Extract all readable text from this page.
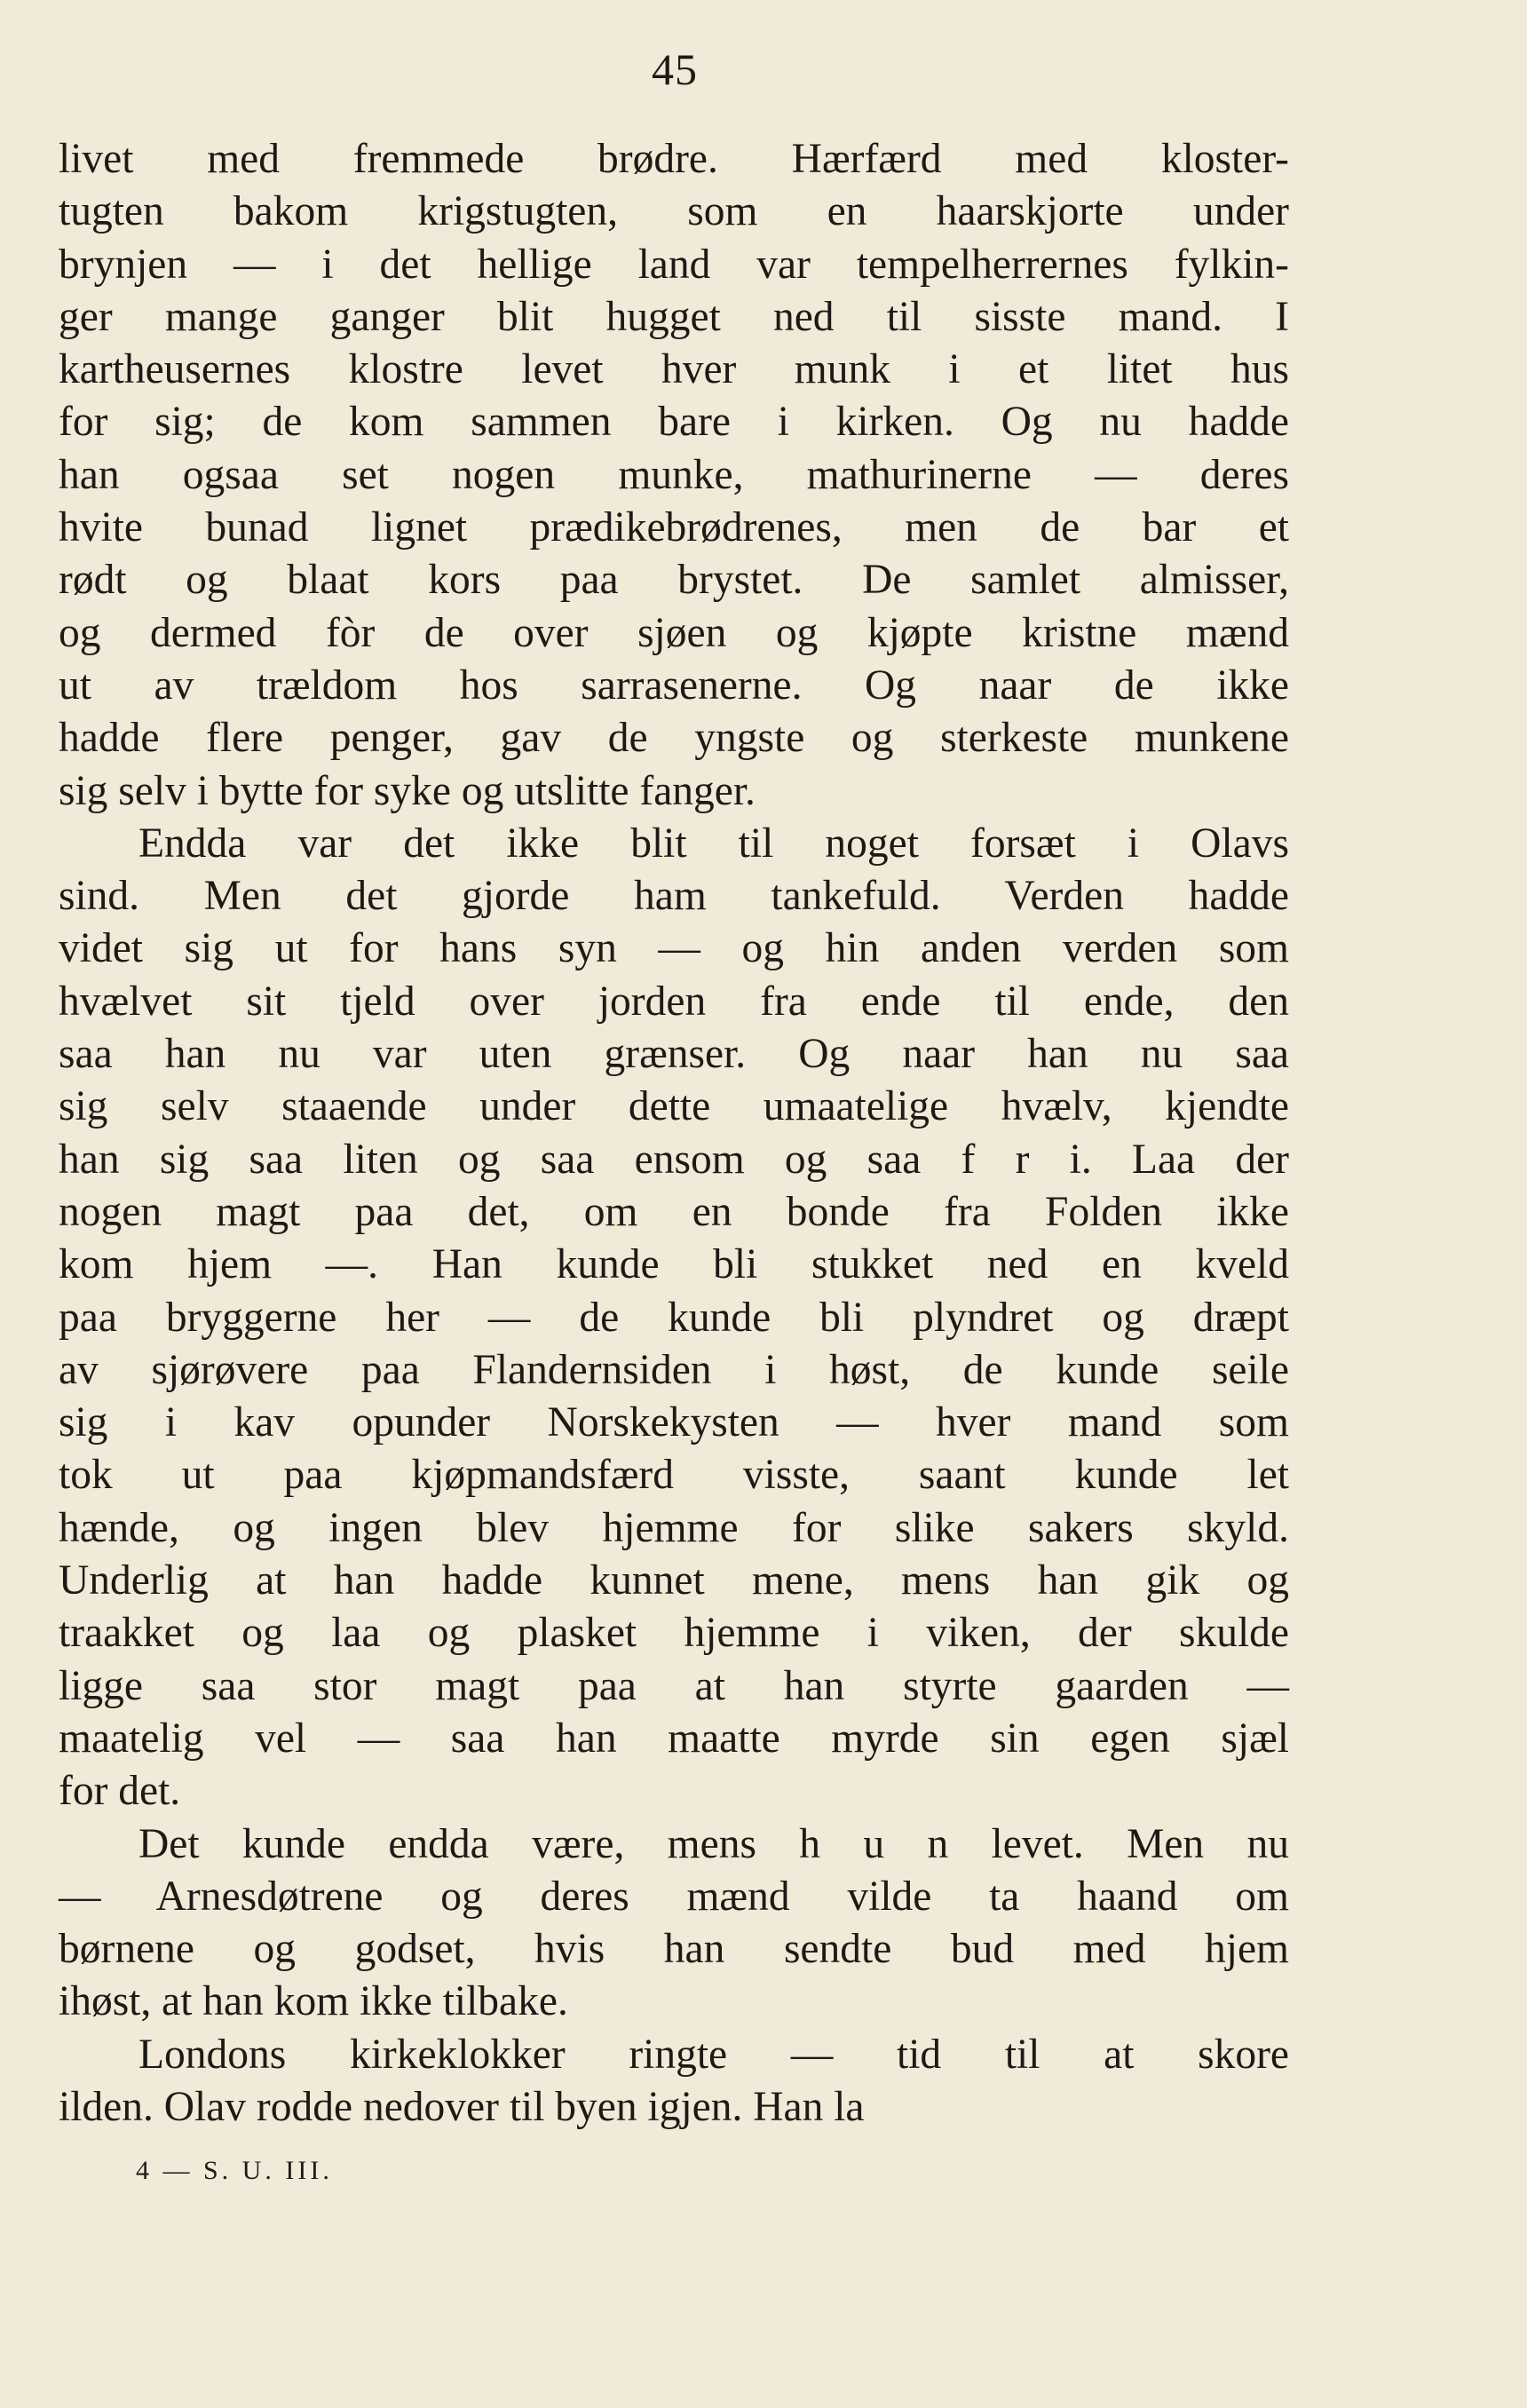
45
livet med fremmede brødre. Hærfærd med kloster-
tugten bakom krigstugten, som en haarskjorte under
brynjen — i det hellige land var tempelherrernes fylkin-
ger mange ganger blit hugget ned til sisste mand. I
kartheusernes klostre levet hver munk i et litet hus
for sig; de kom sammen bare i kirken. Og nu hadde
han ogsaa set nogen munke, mathurinerne — deres
hvite bunad lignet prædikebrødrenes, men de bar et
rødt og blaat kors paa brystet. De samlet almisser,
og dermed fòr de over sjøen og kjøpte kristne mænd
ut av trældom hos sarrasenerne. Og naar de ikke
hadde flere penger, gav de yngste og sterkeste munkene
sig selv i bytte for syke og utslitte fanger.
Endda var det ikke blit til noget forsæt i Olavs
sind. Men det gjorde ham tankefuld. Verden hadde
videt sig ut for hans syn — og hin anden verden som
hvælvet sit tjeld over jorden fra ende til ende, den
saa han nu var uten grænser. Og naar han nu saa
sig selv staaende under dette umaatelige hvælv, kjendte
han sig saa liten og saa ensom og saa f r i. Laa der
nogen magt paa det, om en bonde fra Folden ikke
kom hjem —. Han kunde bli stukket ned en kveld
paa bryggerne her — de kunde bli plyndret og dræpt
av sjørøvere paa Flandernsiden i høst, de kunde seile
sig i kav opunder Norskekysten — hver mand som
tok ut paa kjøpmandsfærd visste, saant kunde let
hænde, og ingen blev hjemme for slike sakers skyld.
Underlig at han hadde kunnet mene, mens han gik og
traakket og laa og plasket hjemme i viken, der skulde
ligge saa stor magt paa at han styrte gaarden —
maatelig vel — saa han maatte myrde sin egen sjæl
for det.
Det kunde endda være, mens h u n levet. Men nu
— Arnesdøtrene og deres mænd vilde ta haand om
børnene og godset, hvis han sendte bud med hjem
ihøst, at han kom ikke tilbake.
Londons kirkeklokker ringte — tid til at skore
ilden. Olav rodde nedover til byen igjen. Han la
4 — S. U. III.
